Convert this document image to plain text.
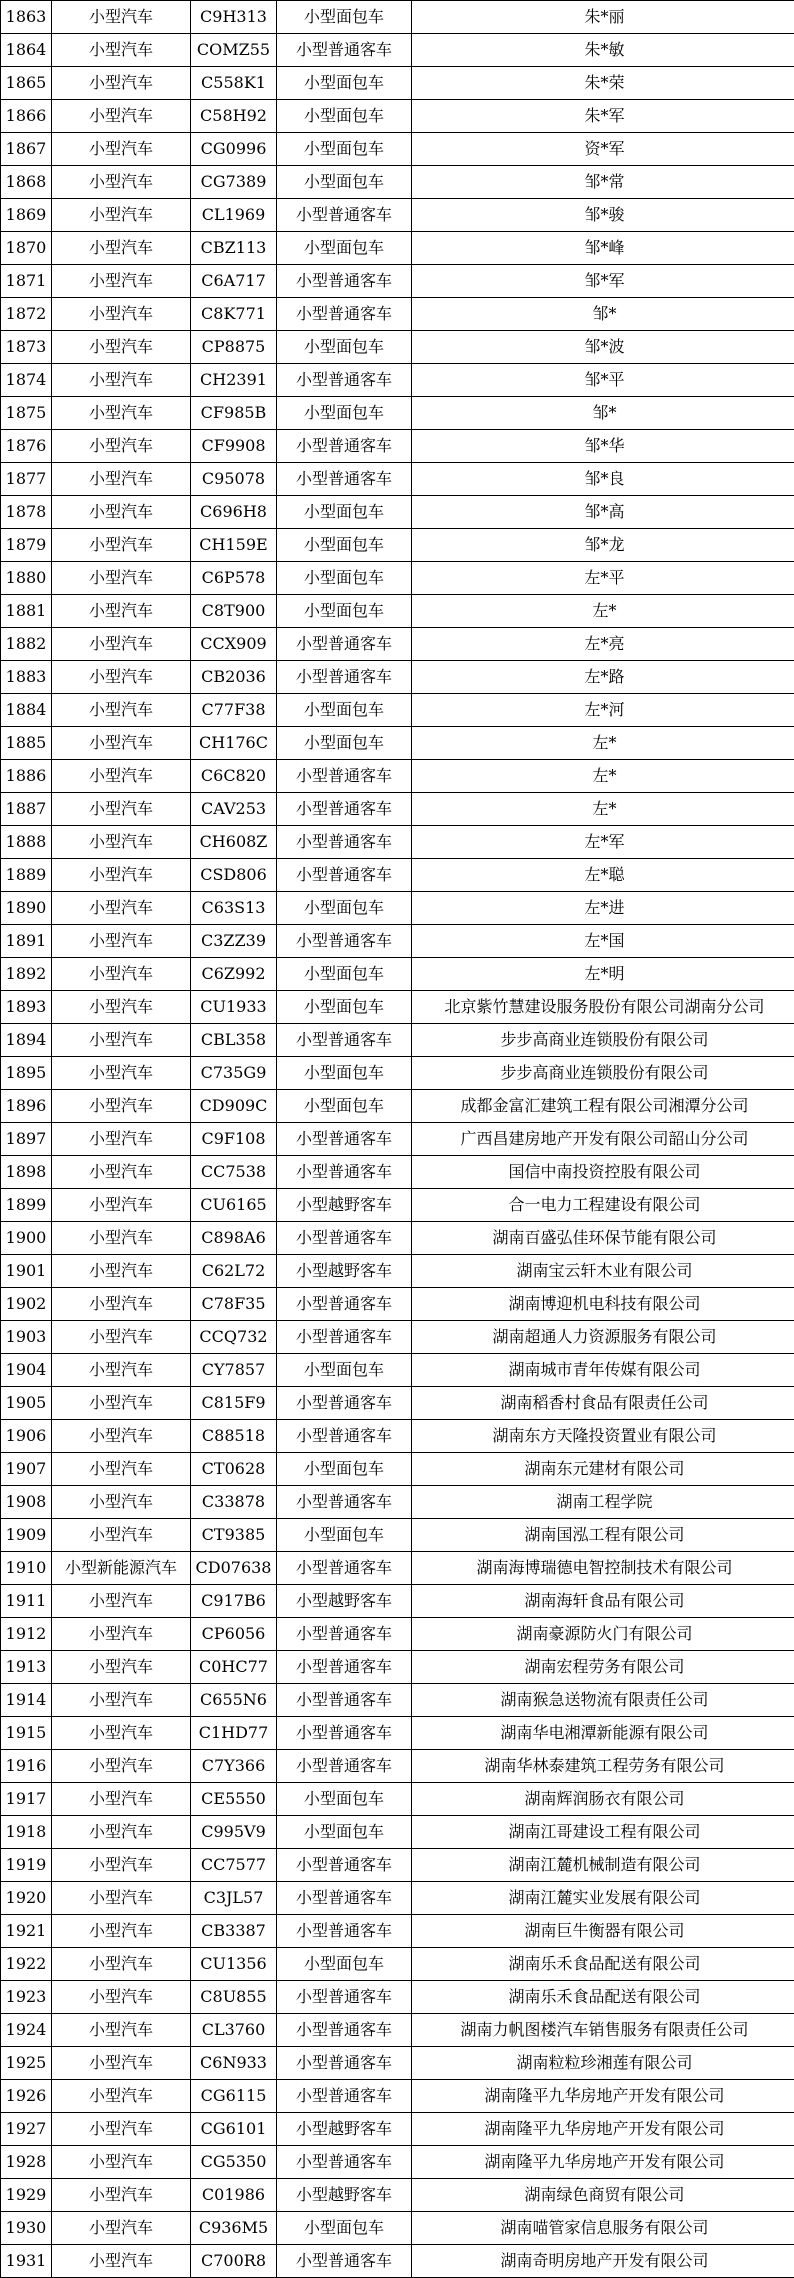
1863	小型汽车	C9H313	小型面包车	朱*丽
1864	小型汽车	COMZ55	小型普通客车	朱*敏
1865	小型汽车	C558K1	小型面包车	朱*荣
1866	小型汽车	C58H92	小型面包车	朱*军
1867	小型汽车	CG0996	小型面包车	资*军
1868	小型汽车	CG7389	小型面包车	邹*常
1869	小型汽车	CL1969	小型普通客车	邹*骏
1870	小型汽车	CBZ113	小型面包车	邹*峰
1871	小型汽车	C6A717	小型普通客车	邹*军
1872	小型汽车	C8K771	小型普通客车	邹*
1873	小型汽车	CP8875	小型面包车	邹*波
1874	小型汽车	CH2391	小型普通客车	邹*平
1875	小型汽车	CF985B	小型面包车	邹*
1876	小型汽车	CF9908	小型普通客车	邹*华
1877	小型汽车	C95078	小型普通客车	邹*良
1878	小型汽车	C696H8	小型面包车	邹*高
1879	小型汽车	CH159E	小型面包车	邹*龙
1880	小型汽车	C6P578	小型面包车	左*平
1881	小型汽车	C8T900	小型面包车	左*
1882	小型汽车	CCX909	小型普通客车	左*亮
1883	小型汽车	CB2036	小型普通客车	左*路
1884	小型汽车	C77F38	小型面包车	左*河
1885	小型汽车	CH176C	小型面包车	左*
1886	小型汽车	C6C820	小型普通客车	左*
1887	小型汽车	CAV253	小型普通客车	左*
1888	小型汽车	CH608Z	小型普通客车	左*军
1889	小型汽车	CSD806	小型普通客车	左*聪
1890	小型汽车	C63S13	小型面包车	左*进
1891	小型汽车	C3ZZ39	小型普通客车	左*国
1892	小型汽车	C6Z992	小型面包车	左*明
1893	小型汽车	CU1933	小型面包车	北京紫竹慧建设服务股份有限公司湖南分公司
1894	小型汽车	CBL358	小型普通客车	步步高商业连锁股份有限公司
1895	小型汽车	C735G9	小型面包车	步步高商业连锁股份有限公司
1896	小型汽车	CD909C	小型面包车	成都金富汇建筑工程有限公司湘潭分公司
1897	小型汽车	C9F108	小型普通客车	广西昌建房地产开发有限公司韶山分公司
1898	小型汽车	CC7538	小型普通客车	国信中南投资控股有限公司
1899	小型汽车	CU6165	小型越野客车	合一电力工程建设有限公司
1900	小型汽车	C898A6	小型普通客车	湖南百盛弘佳环保节能有限公司
1901	小型汽车	C62L72	小型越野客车	湖南宝云轩木业有限公司
1902	小型汽车	C78F35	小型普通客车	湖南博迎机电科技有限公司
1903	小型汽车	CCQ732	小型普通客车	湖南超通人力资源服务有限公司
1904	小型汽车	CY7857	小型面包车	湖南城市青年传媒有限公司
1905	小型汽车	C815F9	小型普通客车	湖南稻香村食品有限责任公司
1906	小型汽车	C88518	小型普通客车	湖南东方天隆投资置业有限公司
1907	小型汽车	CT0628	小型面包车	湖南东元建材有限公司
1908	小型汽车	C33878	小型普通客车	湖南工程学院
1909	小型汽车	CT9385	小型面包车	湖南国泓工程有限公司
1910	小型新能源汽车	CD07638	小型普通客车	湖南海博瑞德电智控制技术有限公司
1911	小型汽车	C917B6	小型越野客车	湖南海轩食品有限公司
1912	小型汽车	CP6056	小型普通客车	湖南豪源防火门有限公司
1913	小型汽车	C0HC77	小型普通客车	湖南宏程劳务有限公司
1914	小型汽车	C655N6	小型普通客车	湖南猴急送物流有限责任公司
1915	小型汽车	C1HD77	小型普通客车	湖南华电湘潭新能源有限公司
1916	小型汽车	C7Y366	小型普通客车	湖南华林泰建筑工程劳务有限公司
1917	小型汽车	CE5550	小型面包车	湖南辉润肠衣有限公司
1918	小型汽车	C995V9	小型面包车	湖南江哥建设工程有限公司
1919	小型汽车	CC7577	小型普通客车	湖南江麓机械制造有限公司
1920	小型汽车	C3JL57	小型普通客车	湖南江麓实业发展有限公司
1921	小型汽车	CB3387	小型普通客车	湖南巨牛衡器有限公司
1922	小型汽车	CU1356	小型面包车	湖南乐禾食品配送有限公司
1923	小型汽车	C8U855	小型普通客车	湖南乐禾食品配送有限公司
1924	小型汽车	CL3760	小型普通客车	湖南力帆图楼汽车销售服务有限责任公司
1925	小型汽车	C6N933	小型普通客车	湖南粒粒珍湘莲有限公司
1926	小型汽车	CG6115	小型普通客车	湖南隆平九华房地产开发有限公司
1927	小型汽车	CG6101	小型越野客车	湖南隆平九华房地产开发有限公司
1928	小型汽车	CG5350	小型普通客车	湖南隆平九华房地产开发有限公司
1929	小型汽车	C01986	小型越野客车	湖南绿色商贸有限公司
1930	小型汽车	C936M5	小型面包车	湖南喵管家信息服务有限公司
1931	小型汽车	C700R8	小型普通客车	湖南奇明房地产开发有限公司
